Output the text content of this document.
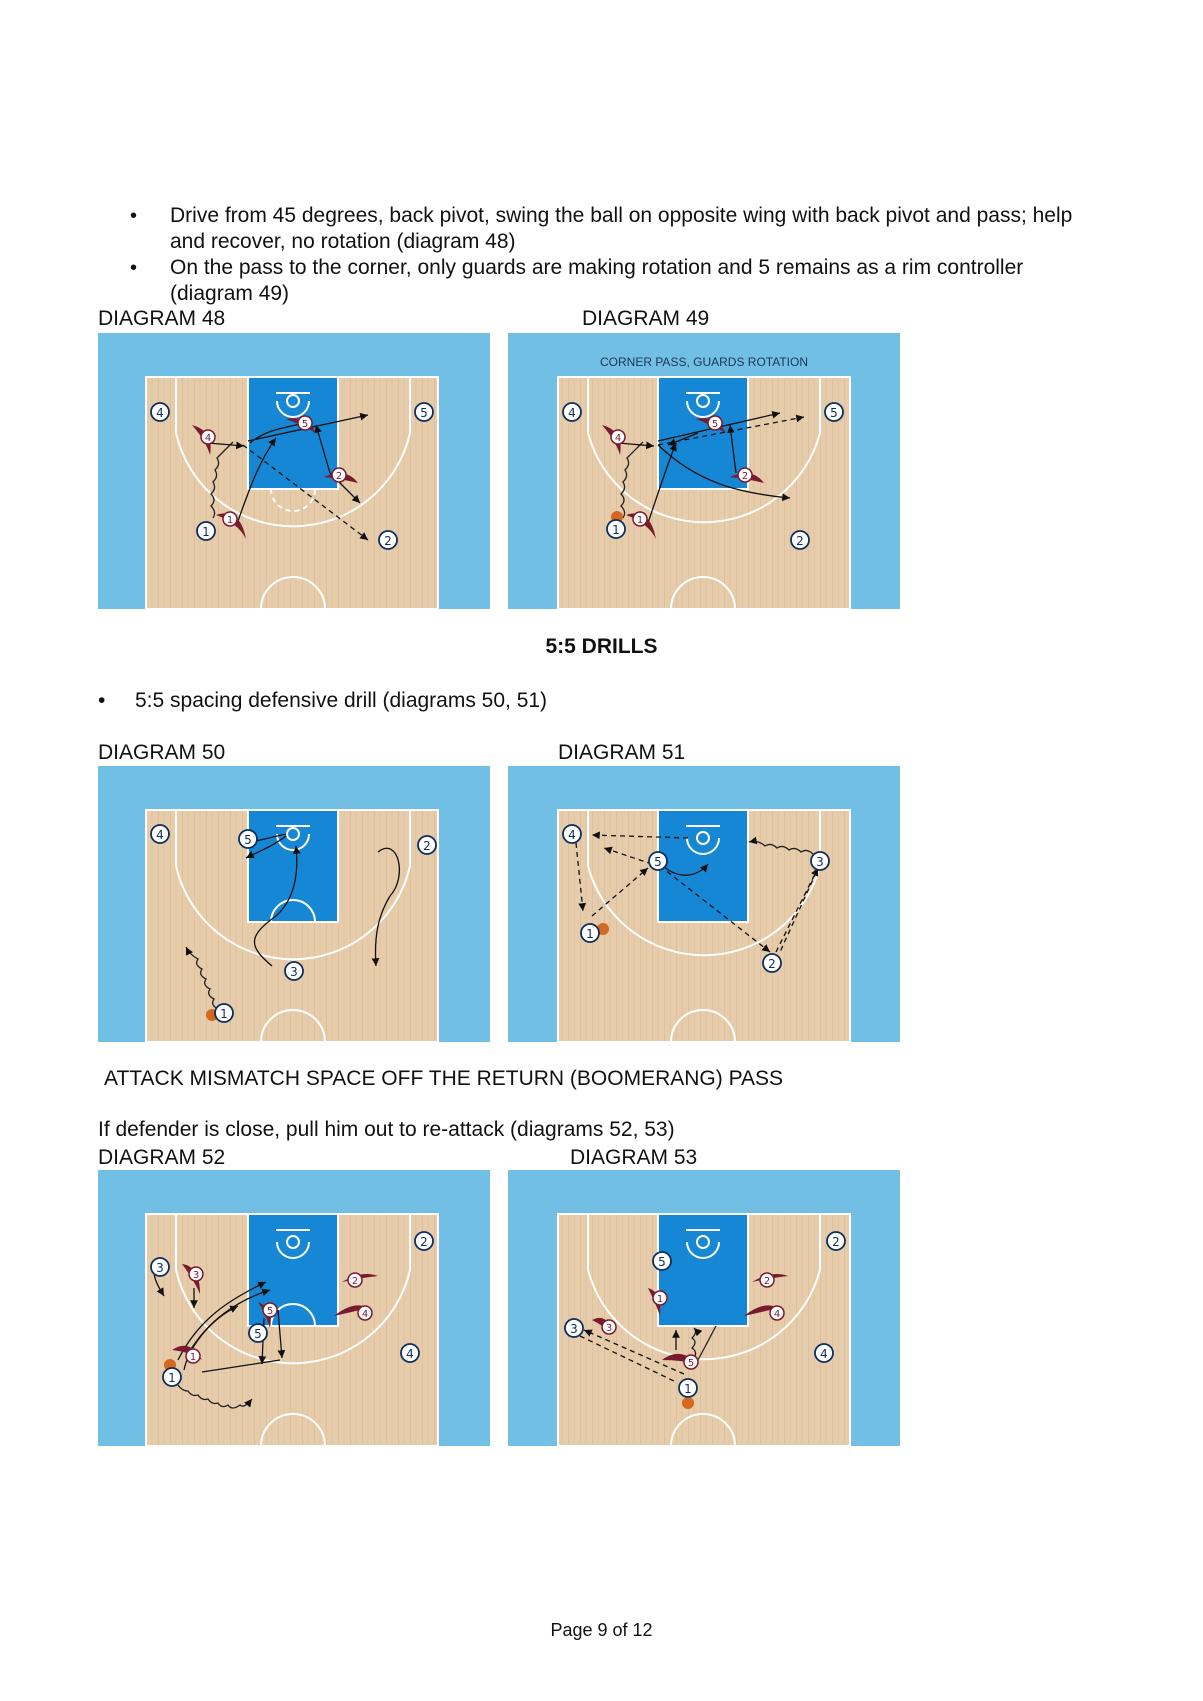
• Drive from 45 degrees, back pivot, swing the ball on opposite wing with back pivot and pass; help and recover, no rotation (diagram 48)
• On the pass to the corner, only guards are making rotation and 5 remains as a rim controller (diagram 49)
DIAGRAM 48	DIAGRAM 49
4
5
2
1
4	5
1
2
CORNER PASS, GUARDS ROTATION
4
5
2
1
4	5
1
2
5:5 DRILLS
• 5:5 spacing defensive drill (diagrams 50, 51)
DIAGRAM 50	DIAGRAM 51
4	5	2
3
1
4
5	3
1
2
ATTACK MISMATCH SPACE OFF THE RETURN (BOOMERANG) PASS
If defender is close, pull him out to re-attack (diagrams 52, 53)
DIAGRAM 52	DIAGRAM 53
3
2
4
5
1
3
2
5
4
1
3
1
2
4
5
5
2
3
4
1
Page 9 of 12
